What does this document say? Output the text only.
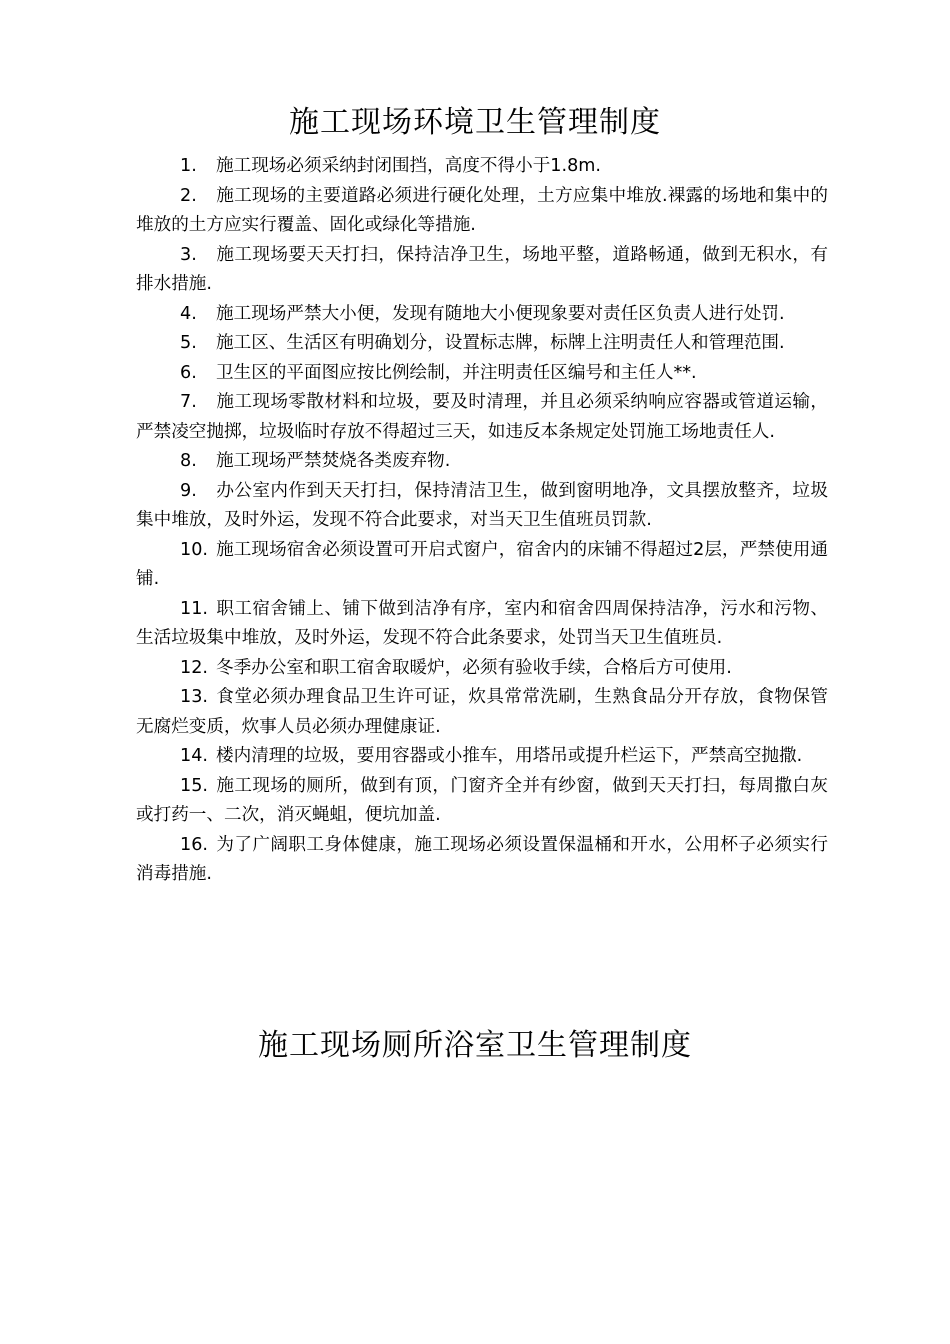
施工现场环境卫生管理制度
1. 施工现场必须采纳封闭围挡，高度不得小于1.8m.
2. 施工现场的主要道路必须进行硬化处理，土方应集中堆放.裸露的场地和集中的堆放的土方应实行覆盖、固化或绿化等措施.
3. 施工现场要天天打扫，保持洁净卫生，场地平整，道路畅通，做到无积水，有排水措施.
4. 施工现场严禁大小便，发现有随地大小便现象要对责任区负责人进行处罚.
5. 施工区、生活区有明确划分，设置标志牌，标牌上注明责任人和管理范围.
6. 卫生区的平面图应按比例绘制，并注明责任区编号和主任人**.
7. 施工现场零散材料和垃圾，要及时清理，并且必须采纳响应容器或管道运输，严禁凌空抛掷，垃圾临时存放不得超过三天，如违反本条规定处罚施工场地责任人.
8. 施工现场严禁焚烧各类废弃物.
9. 办公室内作到天天打扫，保持清洁卫生，做到窗明地净，文具摆放整齐，垃圾集中堆放，及时外运，发现不符合此要求，对当天卫生值班员罚款.
10. 施工现场宿舍必须设置可开启式窗户，宿舍内的床铺不得超过2层，严禁使用通铺.
11. 职工宿舍铺上、铺下做到洁净有序，室内和宿舍四周保持洁净，污水和污物、生活垃圾集中堆放，及时外运，发现不符合此条要求，处罚当天卫生值班员.
12. 冬季办公室和职工宿舍取暖炉，必须有验收手续，合格后方可使用.
13. 食堂必须办理食品卫生许可证，炊具常常洗刷，生熟食品分开存放，食物保管无腐烂变质，炊事人员必须办理健康证.
14. 楼内清理的垃圾，要用容器或小推车，用塔吊或提升栏运下，严禁高空抛撒.
15. 施工现场的厕所，做到有顶，门窗齐全并有纱窗，做到天天打扫，每周撒白灰或打药一、二次，消灭蝇蛆，便坑加盖.
16. 为了广阔职工身体健康，施工现场必须设置保温桶和开水，公用杯子必须实行消毒措施.
施工现场厕所浴室卫生管理制度
